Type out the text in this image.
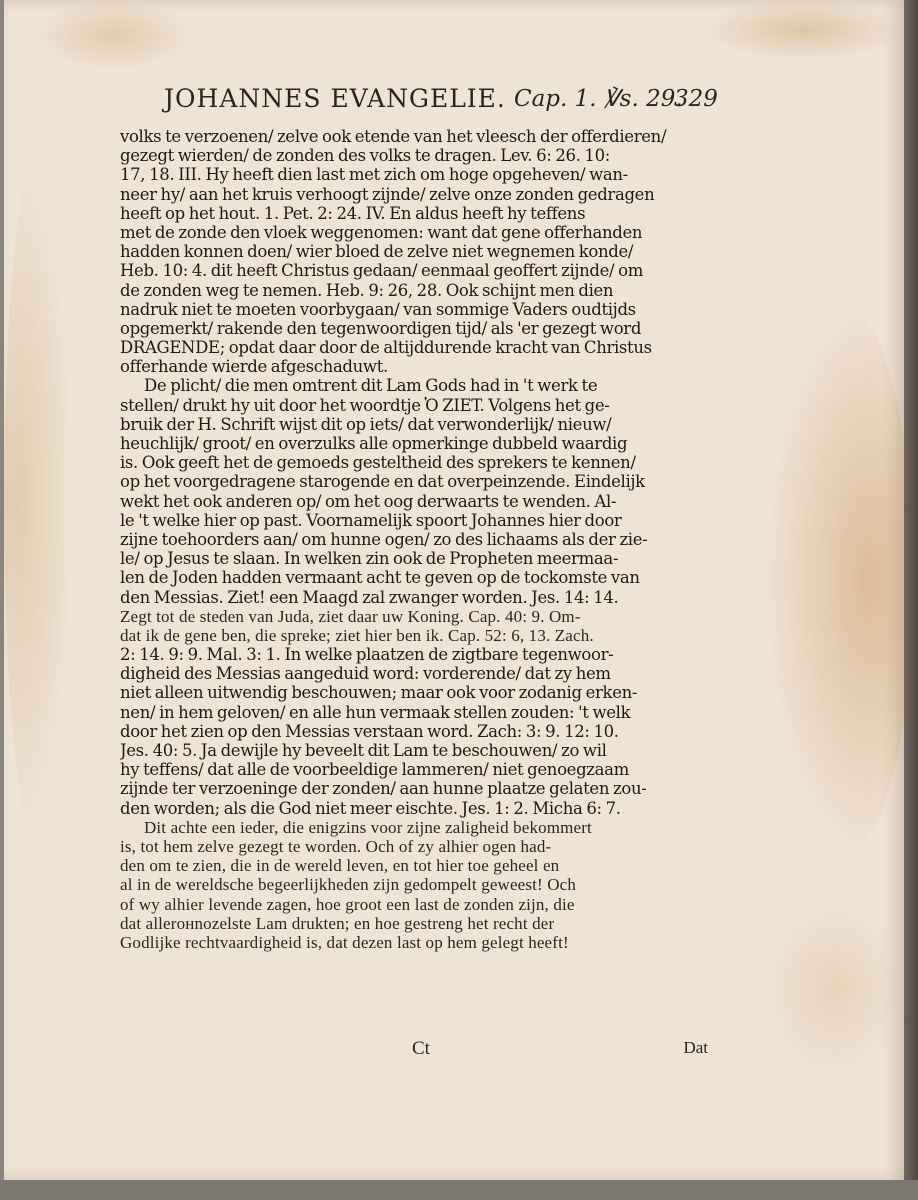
JOHANNES EVANGELIE. Cap. 1. ℣s. 29.
329
volks te verzoenen/ zelve ook etende van het vleesch der offerdieren/
gezegt wierden/ de zonden des volks te dragen. Lev. 6: 26. 10:
17, 18. III. Hy heeft dien last met zich om hoge opgeheven/ wan-
neer hy/ aan het kruis verhoogt zijnde/ zelve onze zonden gedragen
heeft op het hout. 1. Pet. 2: 24. IV. En aldus heeft hy teffens
met de zonde den vloek weggenomen: want dat gene offerhanden
hadden konnen doen/ wier bloed de zelve niet wegnemen konde/
Heb. 10: 4. dit heeft Christus gedaan/ eenmaal geoffert zijnde/ om
de zonden weg te nemen. Heb. 9: 26, 28. Ook schijnt men dien
nadruk niet te moeten voorbygaan/ van sommige Vaders oudtijds
opgemerkt/ rakende den tegenwoordigen tijd/ als 'er gezegt word
DRAGENDE; opdat daar door de altijddurende kracht van Christus
offerhande wierde afgeschaduwt.
De plicht/ die men omtrent dit Lam Gods had in 't werk te
stellen/ drukt hy uit door het woordtje Ὁ ZIET. Volgens het ge-
bruik der H. Schrift wijst dit op iets/ dat verwonderlijk/ nieuw/
heuchlijk/ groot/ en overzulks alle opmerkinge dubbeld waardig
is. Ook geeft het de gemoeds gesteltheid des sprekers te kennen/
op het voorgedragene starogende en dat overpeinzende. Eindelijk
wekt het ook anderen op/ om het oog derwaarts te wenden. Al-
le 't welke hier op past. Voornamelijk spoort Johannes hier door
zijne toehoorders aan/ om hunne ogen/ zo des lichaams als der zie-
le/ op Jesus te slaan. In welken zin ook de Propheten meermaa-
len de Joden hadden vermaant acht te geven op de tockomste van
den Messias. Ziet! een Maagd zal zwanger worden. Jes. 14: 14.
Zegt tot de steden van Juda, ziet daar uw Koning. Cap. 40: 9. Om-
dat ik de gene ben, die spreke; ziet hier ben ik. Cap. 52: 6, 13. Zach.
2: 14. 9: 9. Mal. 3: 1. In welke plaatzen de zigtbare tegenwoor-
digheid des Messias aangeduid word: vorderende/ dat zy hem
niet alleen uitwendig beschouwen; maar ook voor zodanig erken-
nen/ in hem geloven/ en alle hun vermaak stellen zouden: 't welk
door het zien op den Messias verstaan word. Zach: 3: 9. 12: 10.
Jes. 40: 5. Ja dewijle hy beveelt dit Lam te beschouwen/ zo wil
hy teffens/ dat alle de voorbeeldige lammeren/ niet genoegzaam
zijnde ter verzoeninge der zonden/ aan hunne plaatze gelaten zou-
den worden; als die God niet meer eischte. Jes. 1: 2. Micha 6: 7.
Dit achte een ieder, die enigzins voor zijne zaligheid bekommert
is, tot hem zelve gezegt te worden. Och of zy alhier ogen had-
den om te zien, die in de wereld leven, en tot hier toe geheel en
al in de wereldsche begeerlijkheden zijn gedompelt geweest! Och
of wy alhier levende zagen, hoe groot een last de zonden zijn, die
dat allerонnozelste Lam drukten; en hoe gestreng het recht der
Godlijke rechtvaardigheid is, dat dezen last op hem gelegt heeft!
Ct	Dat
